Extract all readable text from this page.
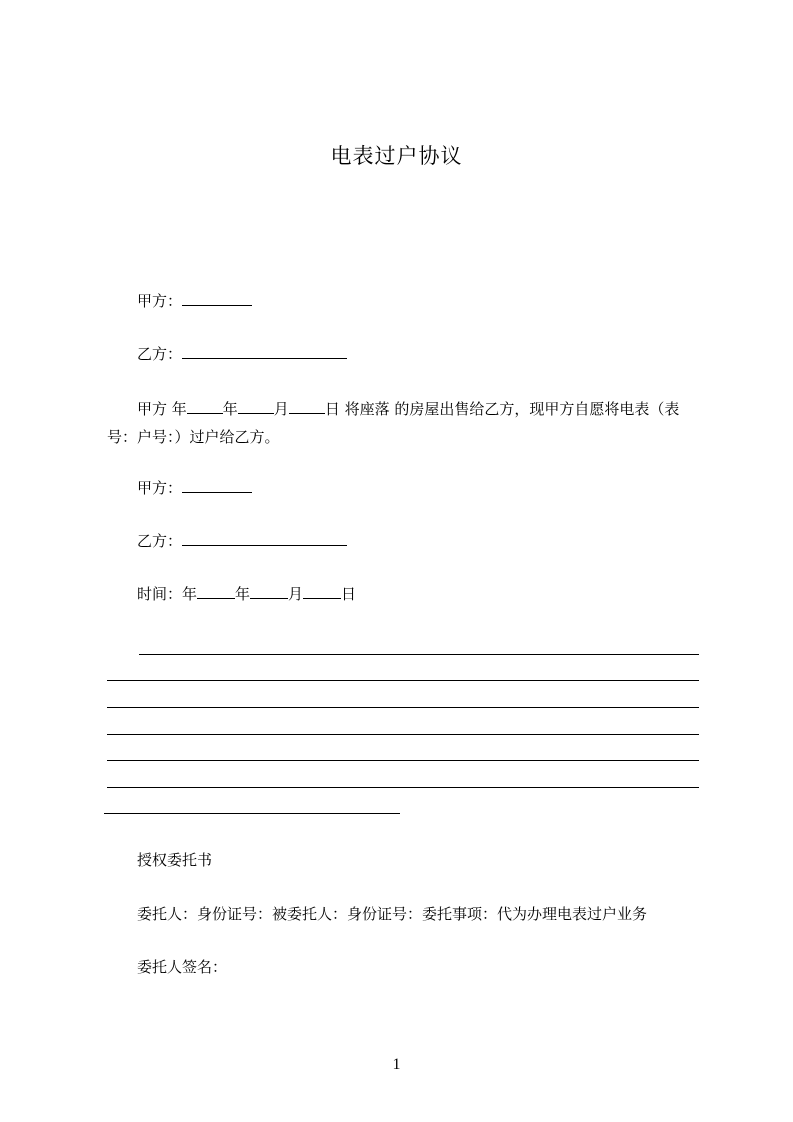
电表过户协议
甲方：
乙方：
甲方 年 年 月 日 将座落 的房屋出售给乙方，现甲方自愿将电表（表号：户号：）过户给乙方。
甲方：
乙方：
时间：年	年	月	日
授权委托书
委托人：身份证号：被委托人：身份证号：委托事项：代为办理电表过户业务
委托人签名：
1
